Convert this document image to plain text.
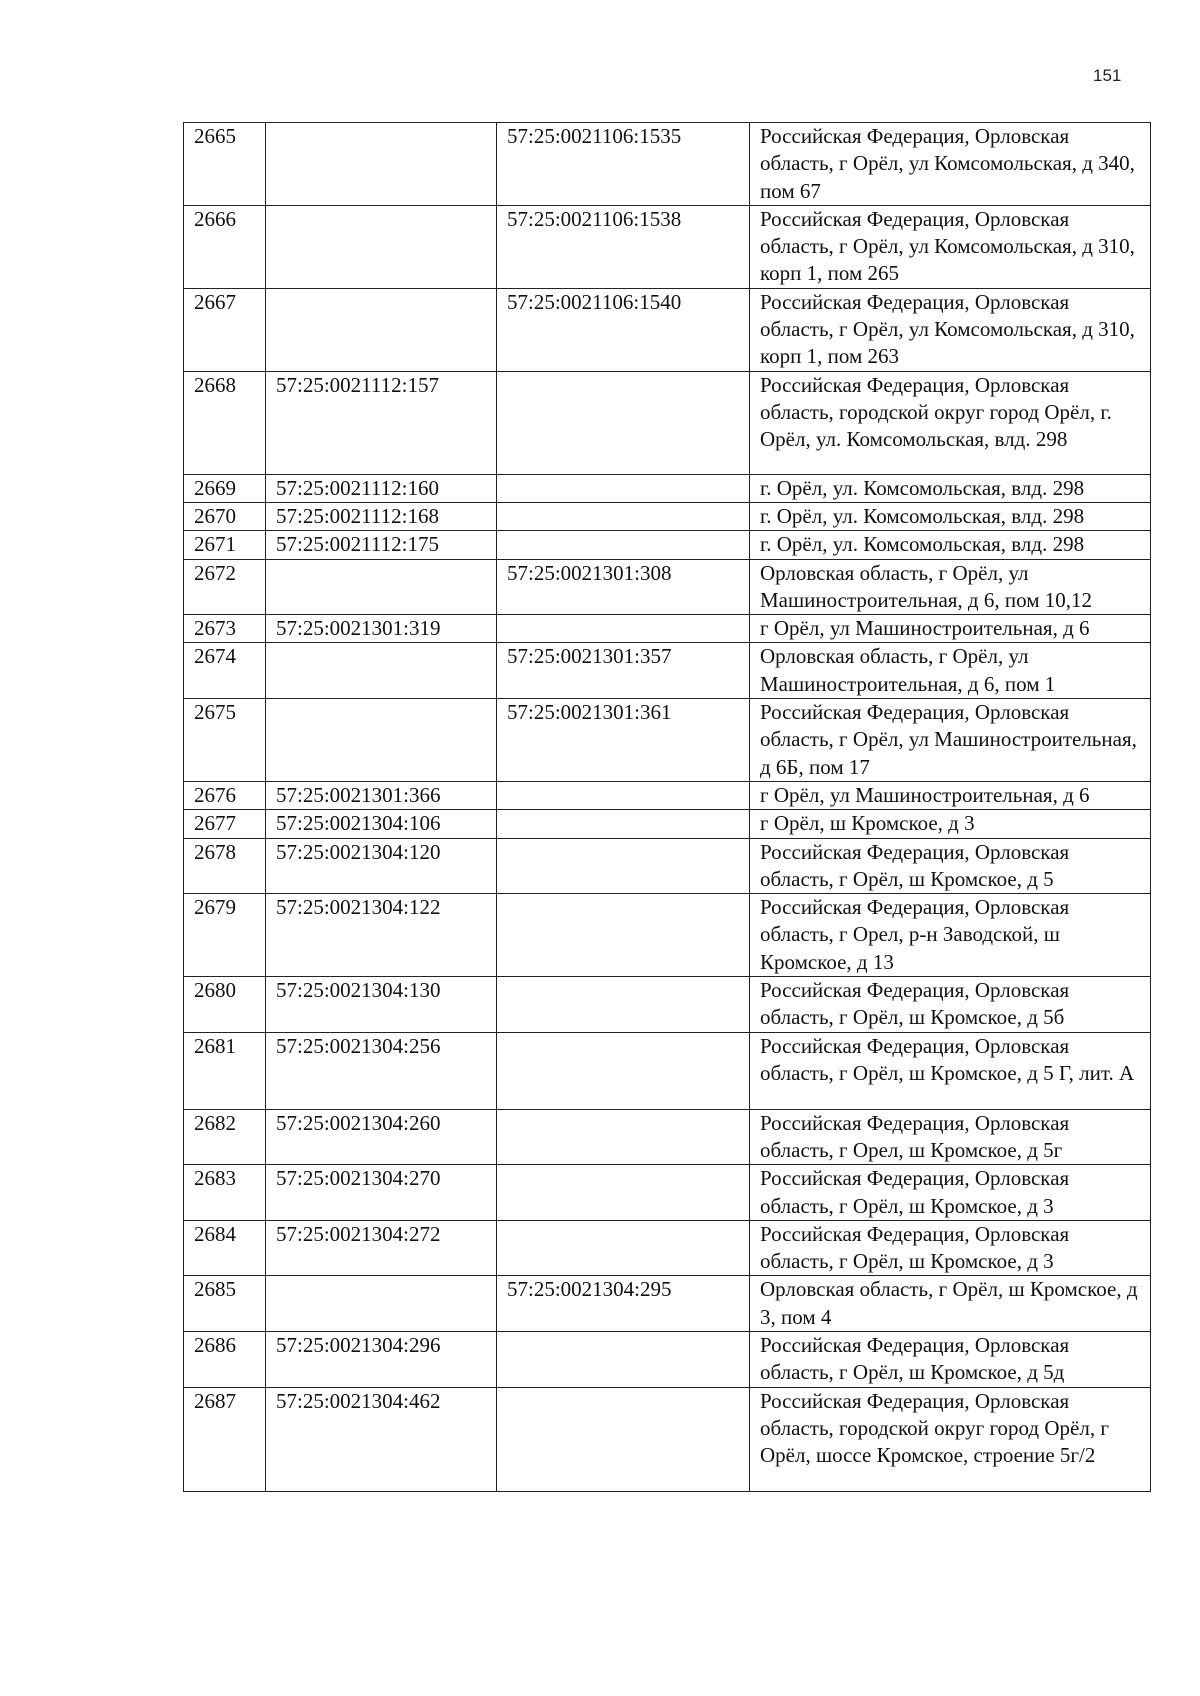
151
2665		57:25:0021106:1535	Российская Федерация, Орловская область, г Орёл, ул Комсомольская, д 340, пом 67
2666		57:25:0021106:1538	Российская Федерация, Орловская область, г Орёл, ул Комсомольская, д 310, корп 1, пом 265
2667		57:25:0021106:1540	Российская Федерация, Орловская область, г Орёл, ул Комсомольская, д 310, корп 1, пом 263
2668	57:25:0021112:157		Российская Федерация, Орловская область, городской округ город Орёл, г. Орёл, ул. Комсомольская, влд. 298
2669	57:25:0021112:160		г. Орёл, ул. Комсомольская, влд. 298
2670	57:25:0021112:168		г. Орёл, ул. Комсомольская, влд. 298
2671	57:25:0021112:175		г. Орёл, ул. Комсомольская, влд. 298
2672		57:25:0021301:308	Орловская область, г Орёл, ул Машиностроительная, д 6, пом 10,12
2673	57:25:0021301:319		г Орёл, ул Машиностроительная, д 6
2674		57:25:0021301:357	Орловская область, г Орёл, ул Машиностроительная, д 6, пом 1
2675		57:25:0021301:361	Российская Федерация, Орловская область, г Орёл, ул Машиностроительная, д 6Б, пом 17
2676	57:25:0021301:366		г Орёл, ул Машиностроительная, д 6
2677	57:25:0021304:106		г Орёл, ш Кромское, д 3
2678	57:25:0021304:120		Российская Федерация, Орловская область, г Орёл, ш Кромское, д 5
2679	57:25:0021304:122		Российская Федерация, Орловская область, г Орел, р-н Заводской, ш Кромское, д 13
2680	57:25:0021304:130		Российская Федерация, Орловская область, г Орёл, ш Кромское, д 5б
2681	57:25:0021304:256		Российская Федерация, Орловская область, г Орёл, ш Кромское, д 5 Г, лит. А
2682	57:25:0021304:260		Российская Федерация, Орловская область, г Орел, ш Кромское, д 5г
2683	57:25:0021304:270		Российская Федерация, Орловская область, г Орёл, ш Кромское, д 3
2684	57:25:0021304:272		Российская Федерация, Орловская область, г Орёл, ш Кромское, д 3
2685		57:25:0021304:295	Орловская область, г Орёл, ш Кромское, д 3, пом 4
2686	57:25:0021304:296		Российская Федерация, Орловская область, г Орёл, ш Кромское, д 5д
2687	57:25:0021304:462		Российская Федерация, Орловская область, городской округ город Орёл, г Орёл, шоссе Кромское, строение 5г/2
